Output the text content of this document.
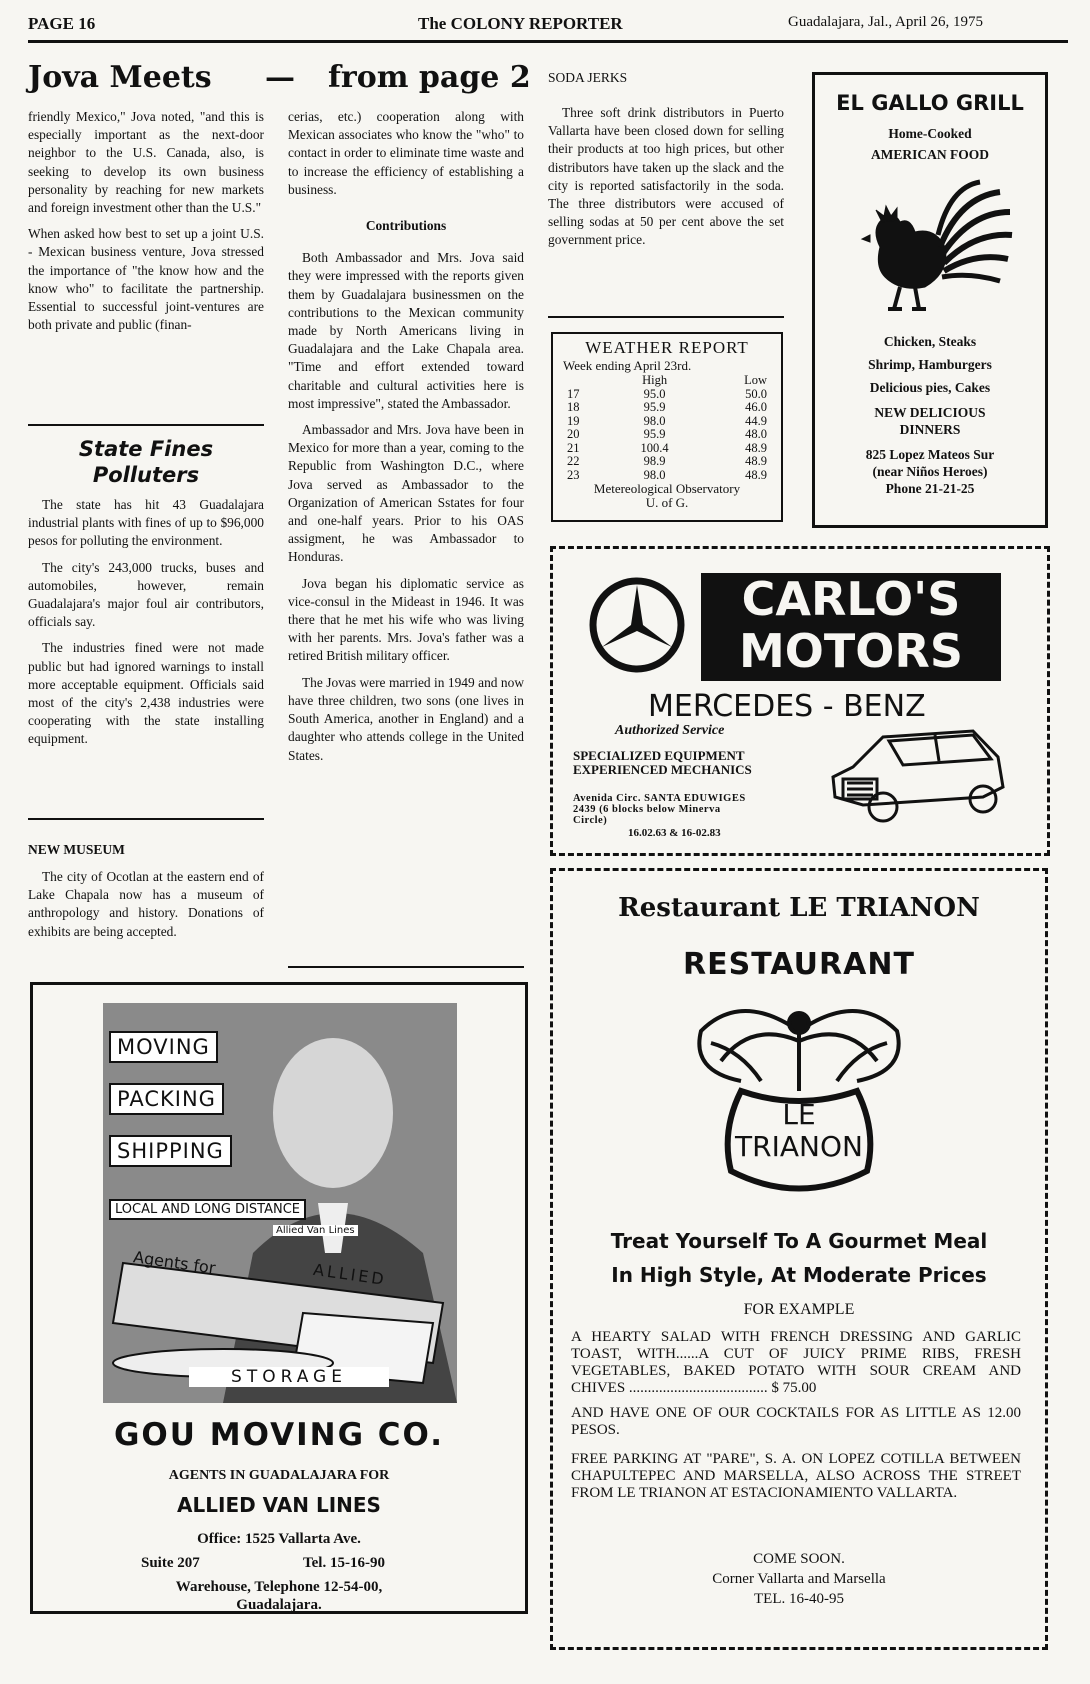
PAGE 16	The COLONY REPORTER	Guadalajara, Jal., April 26, 1975
Jova Meets — from page 2

friendly Mexico," Jova noted, "and this is especially important as the next-door neighbor to the U.S. Canada, also, is seeking to develop its own business personality by reaching for new markets and foreign investment other than the U.S."

When asked how best to set up a joint U.S. - Mexican business venture, Jova stressed the importance of "the know how and the know who" to facilitate the partnership. Essential to successful joint-ventures are both private and public (finan-

State Fines
Polluters

The state has hit 43 Guadalajara industrial plants with fines of up to $96,000 pesos for polluting the environment.

The city's 243,000 trucks, buses and automobiles, however, remain Guadalajara's major foul air contributors, officials say.

The industries fined were not made public but had ignored warnings to install more acceptable equipment. Officials said most of the city's 2,438 industries were cooperating with the state installing equipment.

NEW MUSEUM

The city of Ocotlan at the eastern end of Lake Chapala now has a museum of anthropology and history. Donations of exhibits are being accepted.

cerias, etc.) cooperation along with Mexican associates who know the "who" to contact in order to eliminate time waste and to increase the efficiency of establishing a business.

Contributions

Both Ambassador and Mrs. Jova said they were impressed with the reports given them by Guadalajara businessmen on the contributions to the Mexican community made by North Americans living in Guadalajara and the Lake Chapala area. "Time and effort extended toward charitable and cultural activities here is most impressive", stated the Ambassador.

Ambassador and Mrs. Jova have been in Mexico for more than a year, coming to the Republic from Washington D.C., where Jova served as Ambassador to the Organization of American Sstates for four and one-half years. Prior to his OAS assigment, he was Ambassador to Honduras.

Jova began his diplomatic service as vice-consul in the Mideast in 1946. It was there that he met his wife who was living with her parents. Mrs. Jova's father was a retired British military officer.

The Jovas were married in 1949 and now have three children, two sons (one lives in South America, another in England) and a daughter who attends college in the United States.

SODA JERKS

Three soft drink distributors in Puerto Vallarta have been closed down for selling their products at too high prices, but other distributors have taken up the slack and the city is reported satisfactorily in the soda. The three distributors were accused of selling sodas at 50 per cent above the set government price.

WEATHER REPORT
Week ending April 23rd.
	High	Low
17	95.0	50.0
18	95.9	46.0
19	98.0	44.9
20	95.9	48.0
21	100.4	48.9
22	98.9	48.9
23	98.0	48.9
Metereological Observatory
U. of G.
EL GALLO GRILL
Home-Cooked
AMERICAN FOOD
Chicken, Steaks
Shrimp, Hamburgers
Delicious pies, Cakes
NEW DELICIOUS DINNERS
825 Lopez Mateos Sur
(near Niños Heroes)
Phone 21-21-25
CARLO'S
MOTORS
MERCEDES - BENZ
Authorized Service
SPECIALIZED EQUIPMENT
EXPERIENCED MECHANICS
Avenida Circ. SANTA EDUWIGES
2439 (6 blocks below Minerva
Circle)
16.02.63 & 16-02.83
MOVING
PACKING
SHIPPING
LOCAL AND LONG DISTANCE
Allied Van Lines
Agents for	ALLIED
STORAGE
GOU MOVING CO.
AGENTS IN GUADALAJARA FOR
ALLIED VAN LINES
Office: 1525 Vallarta Ave.
Suite 207	Tel. 15-16-90
Warehouse, Telephone 12-54-00,
Guadalajara.
Restaurant LE TRIANON
RESTAURANT
LE
TRIANON
Treat Yourself To A Gourmet Meal
In High Style, At Moderate Prices
FOR EXAMPLE
A HEARTY SALAD WITH FRENCH DRESSING AND GARLIC TOAST, WITH......A CUT OF JUICY PRIME RIBS, FRESH VEGETABLES, BAKED POTATO WITH SOUR CREAM AND CHIVES ..................................... $ 75.00
AND HAVE ONE OF OUR COCKTAILS FOR AS LITTLE AS 12.00 PESOS.
FREE PARKING AT "PARE", S. A. ON LOPEZ COTILLA BETWEEN CHAPULTEPEC AND MARSELLA, ALSO ACROSS THE STREET FROM LE TRIANON AT ESTACIONAMIENTO VALLARTA.
COME SOON.
Corner Vallarta and Marsella
TEL. 16-40-95
